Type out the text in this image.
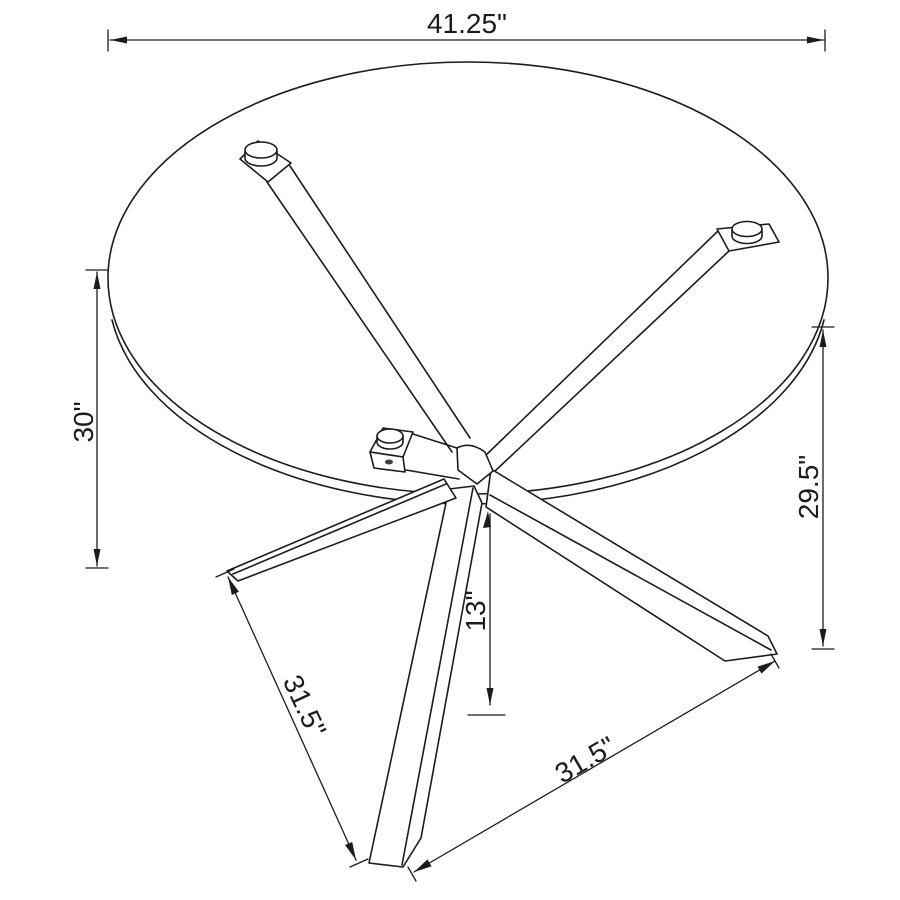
41.25"
30"
29.5"
13"
31.5"
31.5"
